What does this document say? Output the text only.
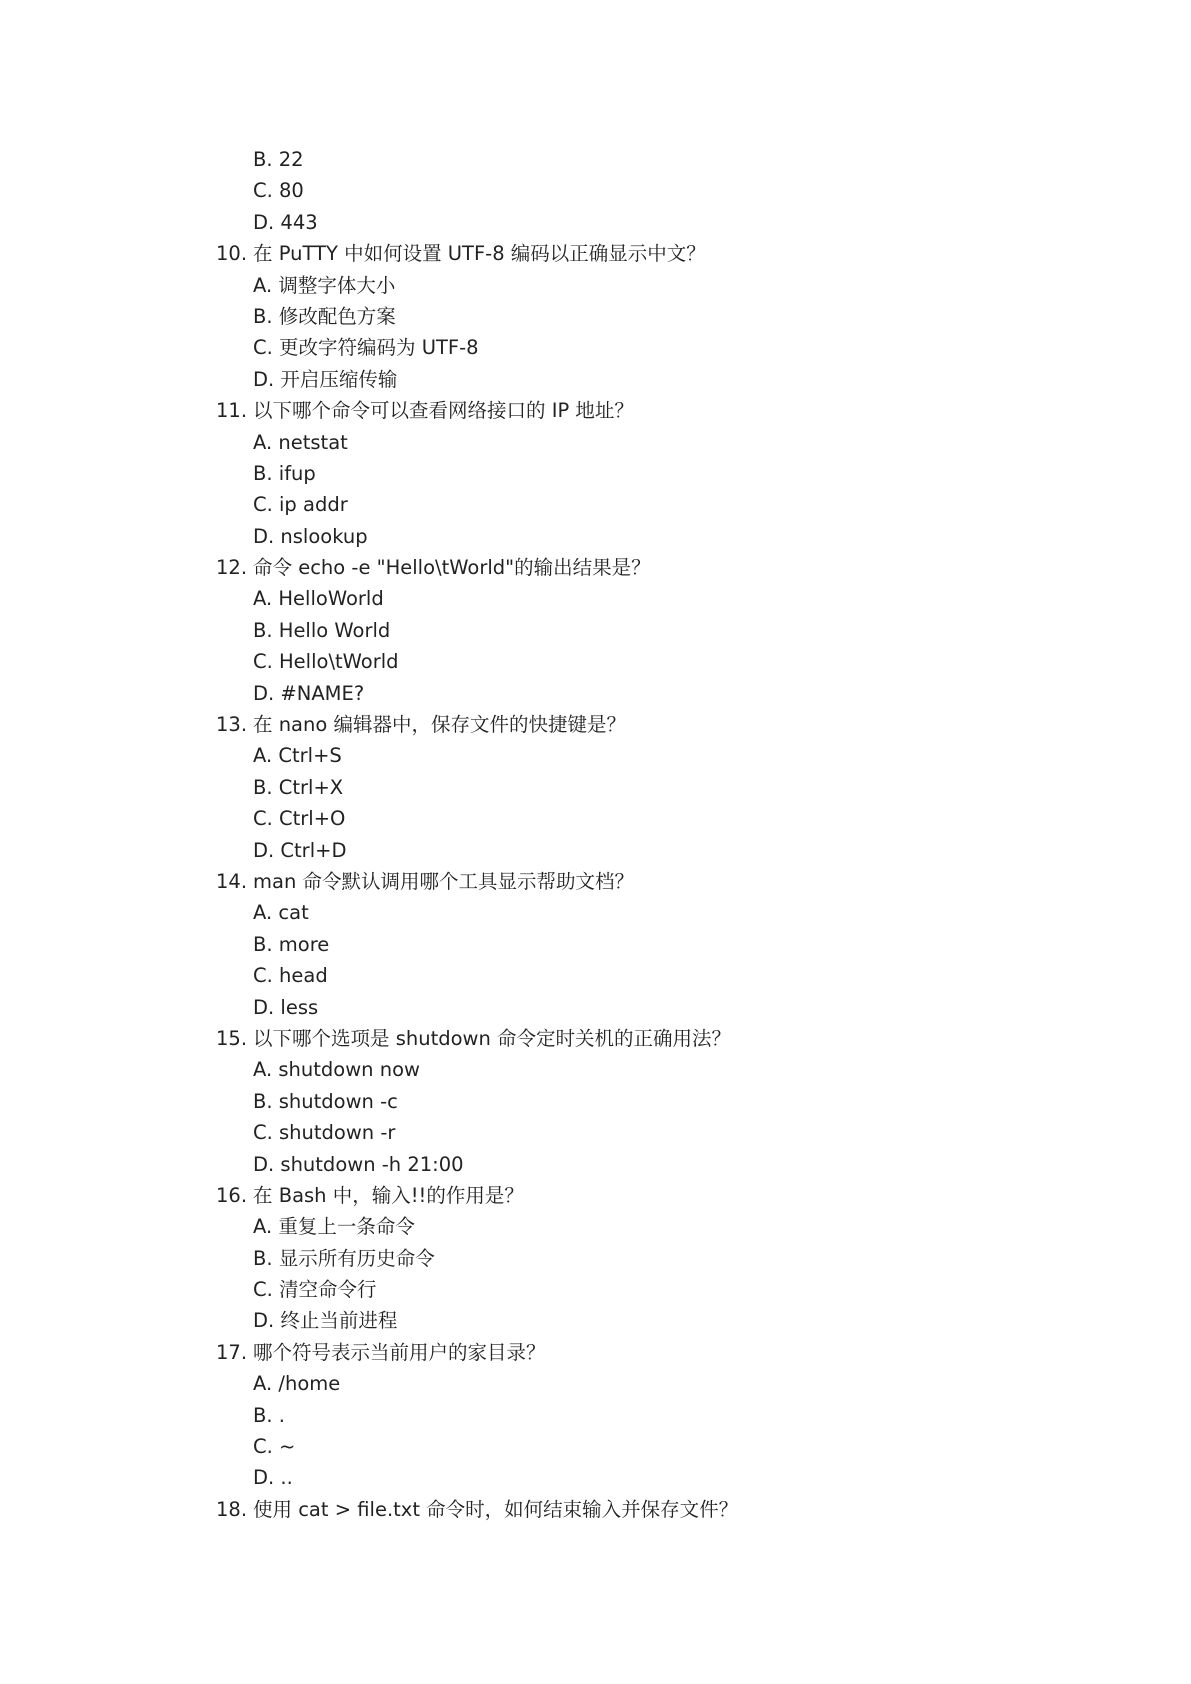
B. 22
C. 80
D. 443
10. 在 PuTTY 中如何设置 UTF-8 编码以正确显示中文？
A. 调整字体大小
B. 修改配色方案
C. 更改字符编码为 UTF-8
D. 开启压缩传输
11. 以下哪个命令可以查看网络接口的 IP 地址？
A. netstat
B. ifup
C. ip addr
D. nslookup
12. 命令 echo -e "Hello\tWorld"的输出结果是？
A. HelloWorld
B. Hello World
C. Hello\tWorld
D. #NAME?
13. 在 nano 编辑器中，保存文件的快捷键是？
A. Ctrl+S
B. Ctrl+X
C. Ctrl+O
D. Ctrl+D
14. man 命令默认调用哪个工具显示帮助文档？
A. cat
B. more
C. head
D. less
15. 以下哪个选项是 shutdown 命令定时关机的正确用法？
A. shutdown now
B. shutdown -c
C. shutdown -r
D. shutdown -h 21:00
16. 在 Bash 中，输入!!的作用是？
A. 重复上一条命令
B. 显示所有历史命令
C. 清空命令行
D. 终止当前进程
17. 哪个符号表示当前用户的家目录？
A. /home
B. .
C. ~
D. ..
18. 使用 cat > file.txt 命令时，如何结束输入并保存文件？
